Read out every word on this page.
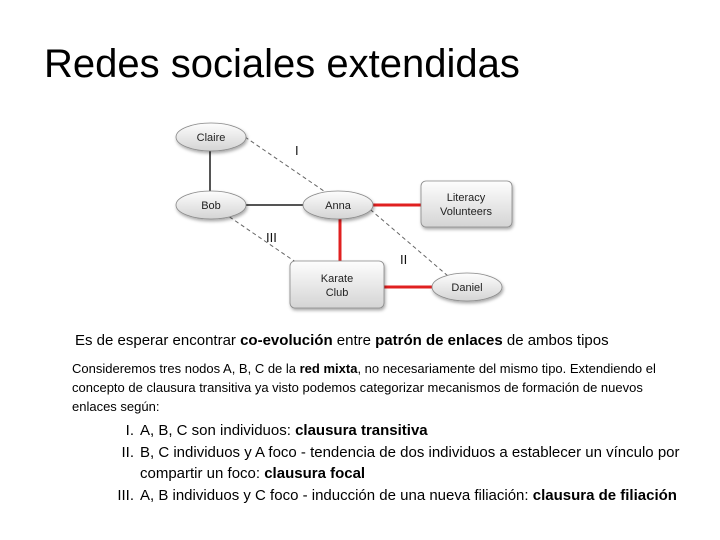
Redes sociales extendidas
Claire
Bob	Anna
Daniel
Literacy
Volunteers
Karate
Club
I
III
II

Es de esperar encontrar co-evolución entre patrón de enlaces de ambos tipos

Consideremos tres nodos A, B, C de la red mixta, no necesariamente del mismo tipo. Extendiendo el concepto de clausura transitiva ya visto podemos categorizar mecanismos de formación de nuevos enlaces según:

I. A, B, C son individuos: clausura transitiva
II. B, C individuos y A foco - tendencia de dos individuos a establecer un vínculo por compartir un foco: clausura focal
III. A, B individuos y C foco - inducción de una nueva filiación: clausura de filiación
